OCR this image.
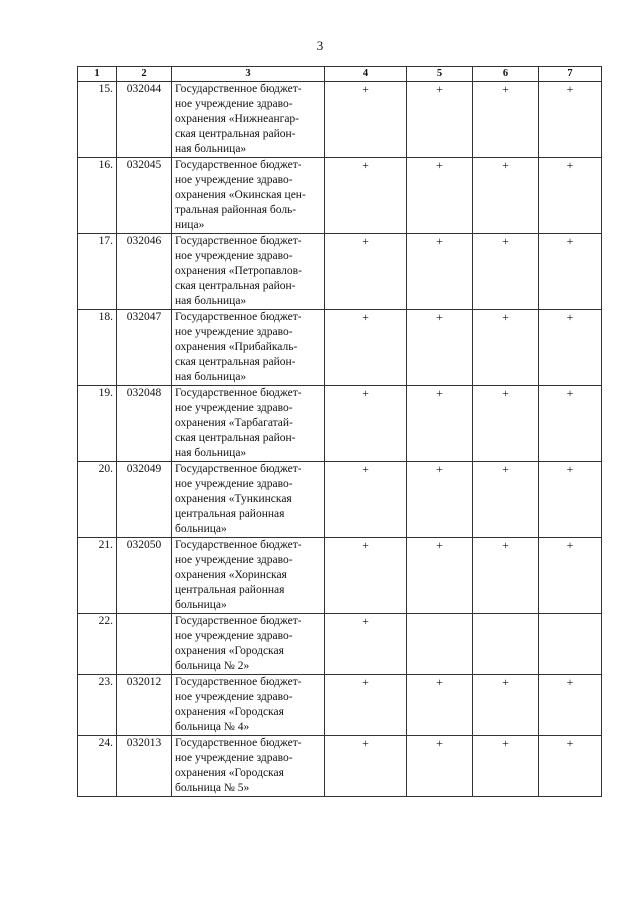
3
1	2	3	4	5	6	7
15.	032044	Государственное бюджет-
ное учреждение здраво-
охранения «Нижнеангар-
ская центральная район-
ная больница»	+	+	+	+
16.	032045	Государственное бюджет-
ное учреждение здраво-
охранения «Окинская цен-
тральная районная боль-
ница»	+	+	+	+
17.	032046	Государственное бюджет-
ное учреждение здраво-
охранения «Петропавлов-
ская центральная район-
ная больница»	+	+	+	+
18.	032047	Государственное бюджет-
ное учреждение здраво-
охранения «Прибайкаль-
ская центральная район-
ная больница»	+	+	+	+
19.	032048	Государственное бюджет-
ное учреждение здраво-
охранения «Тарбагатай-
ская центральная район-
ная больница»	+	+	+	+
20.	032049	Государственное бюджет-
ное учреждение здраво-
охранения «Тункинская
центральная районная
больница»	+	+	+	+
21.	032050	Государственное бюджет-
ное учреждение здраво-
охранения «Хоринская
центральная районная
больница»	+	+	+	+
22.		Государственное бюджет-
ное учреждение здраво-
охранения «Городская
больница № 2»	+			
23.	032012	Государственное бюджет-
ное учреждение здраво-
охранения «Городская
больница № 4»	+	+	+	+
24.	032013	Государственное бюджет-
ное учреждение здраво-
охранения «Городская
больница № 5»	+	+	+	+
